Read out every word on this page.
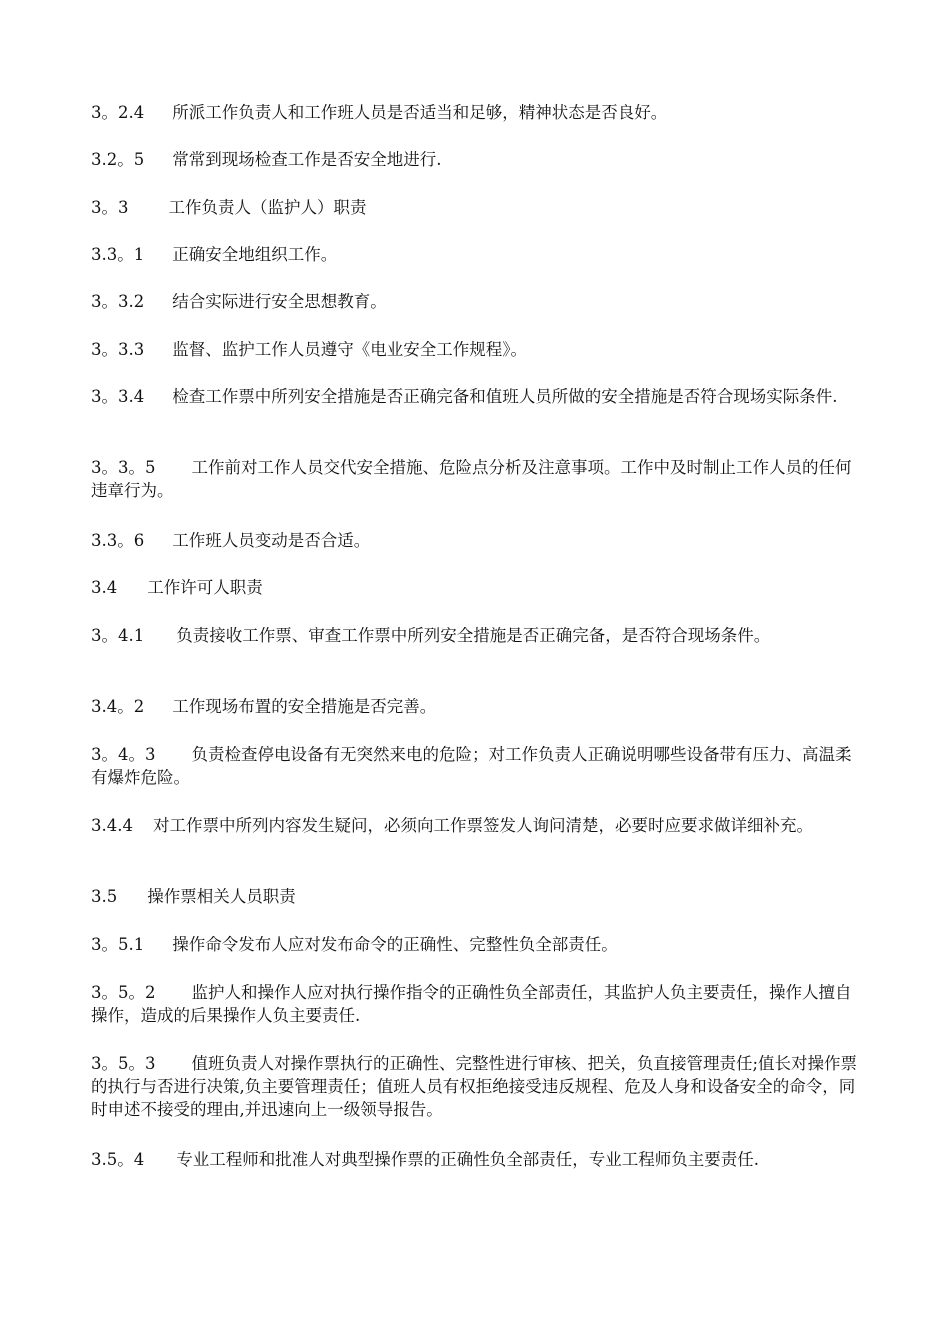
3。2.4 所派工作负责人和工作班人员是否适当和足够，精神状态是否良好。
3.2。5 常常到现场检查工作是否安全地进行.
3。3 工作负责人（监护人）职责
3.3。1 正确安全地组织工作。
3。3.2 结合实际进行安全思想教育。
3。3.3 监督、监护工作人员遵守《电业安全工作规程》。
3。3.4 检查工作票中所列安全措施是否正确完备和值班人员所做的安全措施是否符合现场实际条件.
3。3。5 工作前对工作人员交代安全措施、危险点分析及注意事项。工作中及时制止工作人员的任何违章行为。
3.3。6 工作班人员变动是否合适。
3.4 工作许可人职责
3。4.1 负责接收工作票、审查工作票中所列安全措施是否正确完备，是否符合现场条件。
3.4。2 工作现场布置的安全措施是否完善。
3。4。3 负责检查停电设备有无突然来电的危险；对工作负责人正确说明哪些设备带有压力、高温柔有爆炸危险。
3.4.4 对工作票中所列内容发生疑问，必须向工作票签发人询问清楚，必要时应要求做详细补充。
3.5 操作票相关人员职责
3。5.1 操作命令发布人应对发布命令的正确性、完整性负全部责任。
3。5。2 监护人和操作人应对执行操作指令的正确性负全部责任，其监护人负主要责任，操作人擅自操作，造成的后果操作人负主要责任.
3。5。3 值班负责人对操作票执行的正确性、完整性进行审核、把关，负直接管理责任;值长对操作票的执行与否进行决策,负主要管理责任；值班人员有权拒绝接受违反规程、危及人身和设备安全的命令，同时申述不接受的理由,并迅速向上一级领导报告。
3.5。4 专业工程师和批准人对典型操作票的正确性负全部责任，专业工程师负主要责任.
